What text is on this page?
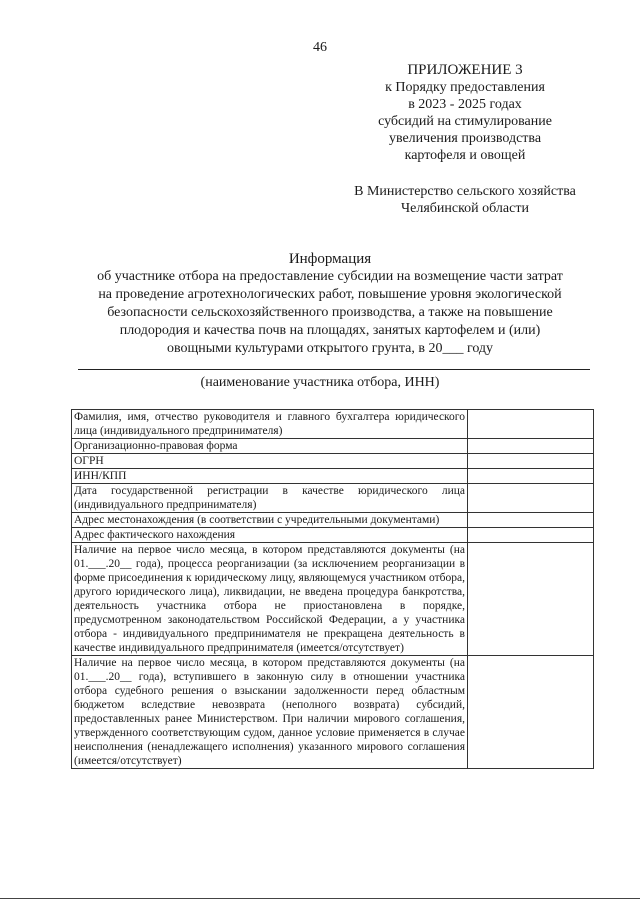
46
ПРИЛОЖЕНИЕ 3
к Порядку предоставления
в 2023 - 2025 годах
субсидий на стимулирование
увеличения производства
картофеля и овощей
В Министерство сельского хозяйства
Челябинской области
Информация
об участнике отбора на предоставление субсидии на возмещение части затрат
на проведение агротехнологических работ, повышение уровня экологической
безопасности сельскохозяйственного производства, а также на повышение
плодородия и качества почв на площадях, занятых картофелем и (или)
овощными культурами открытого грунта, в 20___ году
(наименование участника отбора, ИНН)
Фамилия, имя, отчество руководителя и главного бухгалтера юридического лица (индивидуального предпринимателя)	
Организационно-правовая форма	
ОГРН	
ИНН/КПП	
Дата государственной регистрации в качестве юридического лица (индивидуального предпринимателя)	
Адрес местонахождения (в соответствии с учредительными документами)	
Адрес фактического нахождения	
Наличие на первое число месяца, в котором представляются документы (на 01.___.20__ года), процесса реорганизации (за исключением реорганизации в форме присоединения к юридическому лицу, являющемуся участником отбора, другого юридического лица), ликвидации, не введена процедура банкротства, деятельность участника отбора не приостановлена в порядке, предусмотренном законодательством Российской Федерации, а у участника отбора - индивидуального предпринимателя не прекращена деятельность в качестве индивидуального предпринимателя (имеется/отсутствует)	
Наличие на первое число месяца, в котором представляются документы (на 01.___.20__ года), вступившего в законную силу в отношении участника отбора судебного решения о взыскании задолженности перед областным бюджетом вследствие невозврата (неполного возврата) субсидий, предоставленных ранее Министерством. При наличии мирового соглашения, утвержденного соответствующим судом, данное условие применяется в случае неисполнения (ненадлежащего исполнения) указанного мирового соглашения (имеется/отсутствует)	
